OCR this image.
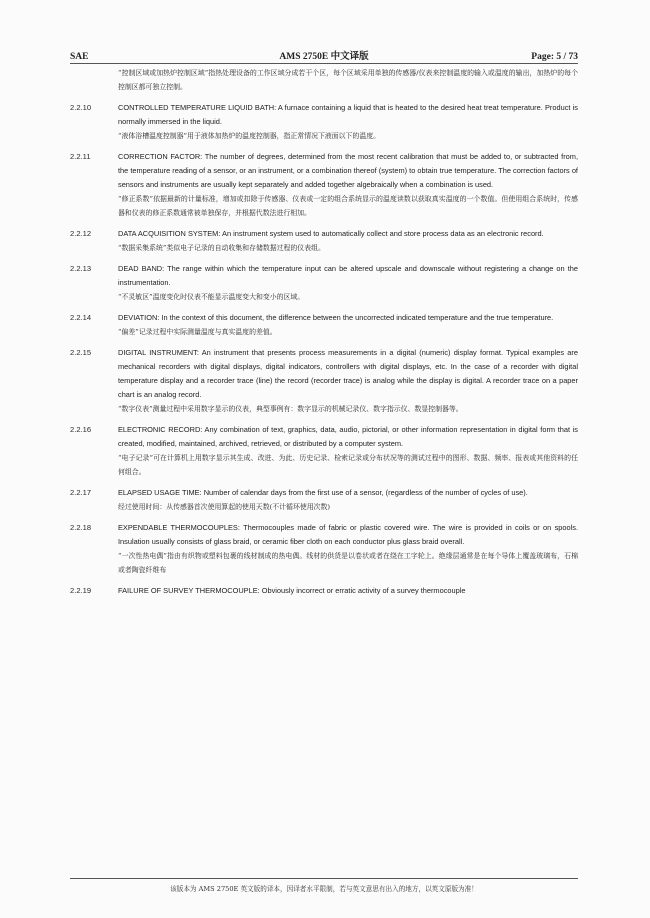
SAE	AMS 2750E 中文译版	Page: 5 / 73

“控制区域或加热炉控制区域”指热处理设备的工作区域分成若干个区，每个区域采用单独的传感器/仪表来控制温度的输入或温度的输出，加热炉的每个控制区都可独立控制。

2.2.10	CONTROLLED TEMPERATURE LIQUID BATH: A furnace containing a liquid that is heated to the desired heat treat temperature. Product is normally immersed in the liquid.

“液体浴槽温度控制器”用于液体加热炉的温度控制器，指正常情况下液面以下的温度。

2.2.11	CORRECTION FACTOR: The number of degrees, determined from the most recent calibration that must be added to, or subtracted from, the temperature reading of a sensor, or an instrument, or a combination thereof (system) to obtain true temperature. The correction factors of sensors and instruments are usually kept separately and added together algebraically when a combination is used.

“修正系数”依据最新的计量标准，增加或扣除于传感器、仪表或一定的组合系统显示的温度读数以获取真实温度的一个数值。但使用组合系统时，传感器和仪表的修正系数通常被单独保存，并根据代数法进行相加。

2.2.12	DATA ACQUISITION SYSTEM: An instrument system used to automatically collect and store process data as an electronic record.

“数据采集系统”类似电子记录的自动收集和存储数据过程的仪表组。

2.2.13	DEAD BAND: The range within which the temperature input can be altered upscale and downscale without registering a change on the instrumentation.

“不灵敏区”温度变化时仪表不能显示温度变大和变小的区域。

2.2.14	DEVIATION: In the context of this document, the difference between the uncorrected indicated temperature and the true temperature.

“偏差”记录过程中实际测量温度与真实温度的差值。

2.2.15	DIGITAL INSTRUMENT: An instrument that presents process measurements in a digital (numeric) display format. Typical examples are mechanical recorders with digital displays, digital indicators, controllers with digital displays, etc. In the case of a recorder with digital temperature display and a recorder trace (line) the record (recorder trace) is analog while the display is digital. A recorder trace on a paper chart is an analog record.

“数字仪表”测量过程中采用数字显示的仪表，典型事例有：数字显示的机械记录仪、数字指示仪、数显控制器等。

2.2.16	ELECTRONIC RECORD: Any combination of text, graphics, data, audio, pictorial, or other information representation in digital form that is created, modified, maintained, archived, retrieved, or distributed by a computer system.

“电子记录”可在计算机上用数字显示其生成、改进、为此、历史记录、检索记录或分布状况等的测试过程中的图形、数据、频率、报表或其他资料的任何组合。

2.2.17	ELAPSED USAGE TIME: Number of calendar days from the first use of a sensor, (regardless of the number of cycles of use).

经过使用时间：从传感器首次使用算起的使用天数(不计循环使用次数)

2.2.18	EXPENDABLE THERMOCOUPLES: Thermocouples made of fabric or plastic covered wire. The wire is provided in coils or on spools. Insulation usually consists of glass braid, or ceramic fiber cloth on each conductor plus glass braid overall.

“一次性热电偶”指由有织物或塑料包裹的线材制成的热电偶。线材的供货是以卷状或者在绕在工字轮上。绝缘层通常是在每个导体上覆盖玻璃布，石棉或者陶瓷纤维布

2.2.19	FAILURE OF SURVEY THERMOCOUPLE: Obviously incorrect or erratic activity of a survey thermocouple

该版本为 AMS 2750E 英文版的译本，因译者水平限制，若与英文意思有出入的地方，以英文原版为准！
